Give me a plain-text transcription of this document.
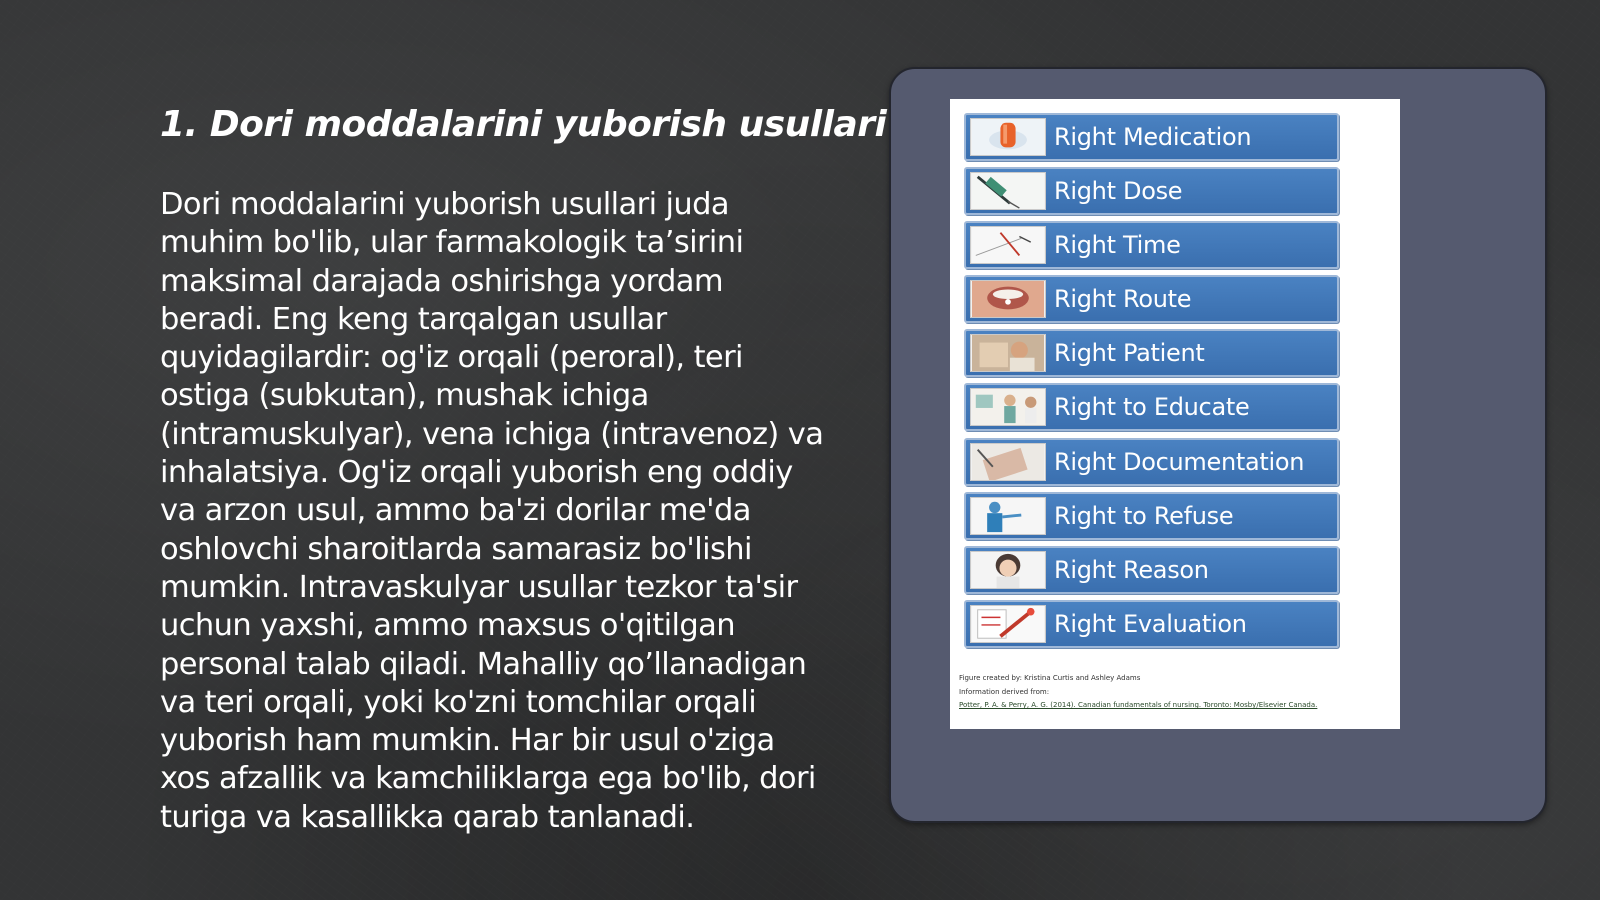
1. Dori moddalarini yuborish usullari

Dori moddalarini yuborish usullari juda muhim bo'lib, ular farmakologik ta’sirini maksimal darajada oshirishga yordam beradi. Eng keng tarqalgan usullar quyidagilardir: og'iz orqali (peroral), teri ostiga (subkutan), mushak ichiga (intramuskulyar), vena ichiga (intravenoz) va inhalatsiya. Og'iz orqali yuborish eng oddiy va arzon usul, ammo ba'zi dorilar me'da oshlovchi sharoitlarda samarasiz bo'lishi mumkin. Intravaskulyar usullar tezkor ta'sir uchun yaxshi, ammo maxsus o'qitilgan personal talab qiladi. Mahalliy qo’llanadigan va teri orqali, yoki ko'zni tomchilar orqali yuborish ham mumkin. Har bir usul o'ziga xos afzallik va kamchiliklarga ega bo'lib, dori turiga va kasallikka qarab tanlanadi.

Right Medication
Right Dose
Right Time
Right Route
Right Patient
Right to Educate
Right Documentation
Right to Refuse
Right Reason
Right Evaluation
Figure created by: Kristina Curtis and Ashley Adams
Information derived from:
Potter, P. A. & Perry, A. G. (2014). Canadian fundamentals of nursing. Toronto: Mosby/Elsevier Canada.
